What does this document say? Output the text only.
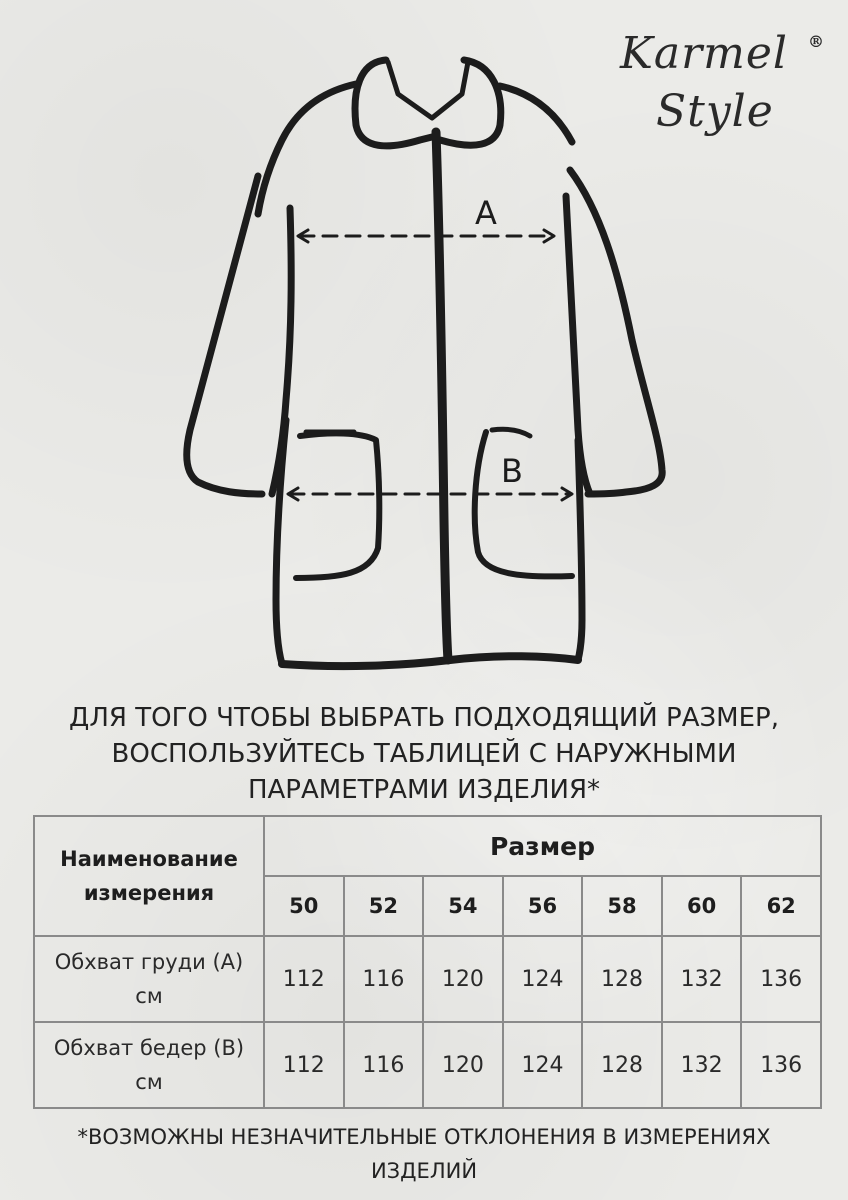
Karmel ®
Style
A
B
ДЛЯ ТОГО ЧТОБЫ ВЫБРАТЬ ПОДХОДЯЩИЙ РАЗМЕР,
ВОСПОЛЬЗУЙТЕСЬ ТАБЛИЦЕЙ С НАРУЖНЫМИ
ПАРАМЕТРАМИ ИЗДЕЛИЯ*
Наименование
измерения	Размер						
	50	52	54	56	58	60	62

Обхват груди (А)
см	112	116	120	124	128	132	136

Обхват бедер (В)
см	112	116	120	124	128	132	136
*ВОЗМОЖНЫ НЕЗНАЧИТЕЛЬНЫЕ ОТКЛОНЕНИЯ В ИЗМЕРЕНИЯХ
ИЗДЕЛИЙ
